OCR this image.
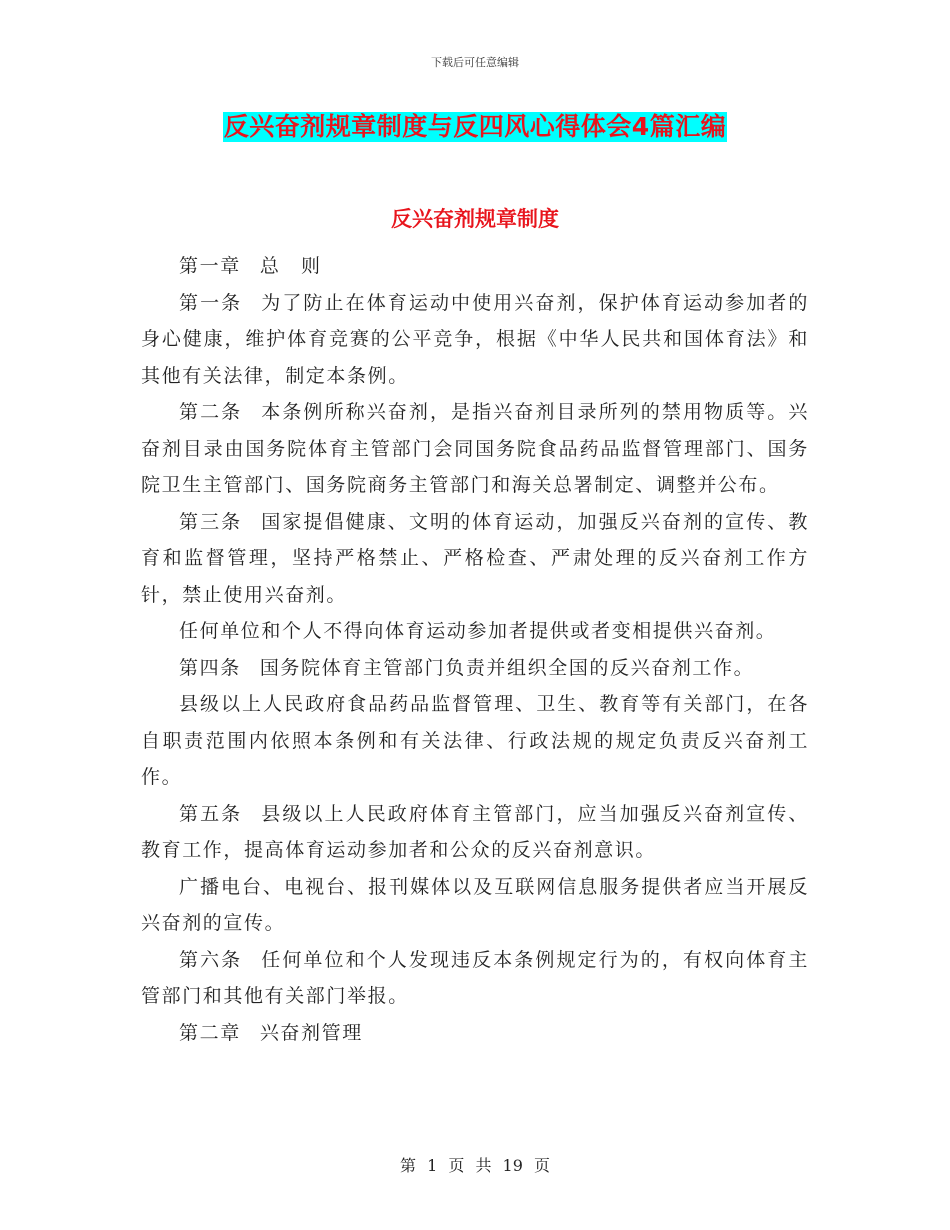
下载后可任意编辑
反兴奋剂规章制度与反四风心得体会4篇汇编
反兴奋剂规章制度

第一章 总　则

第一条 为了防止在体育运动中使用兴奋剂，保护体育运动参加者的身心健康，维护体育竞赛的公平竞争，根据《中华人民共和国体育法》和其他有关法律，制定本条例。

第二条 本条例所称兴奋剂，是指兴奋剂目录所列的禁用物质等。兴奋剂目录由国务院体育主管部门会同国务院食品药品监督管理部门、国务院卫生主管部门、国务院商务主管部门和海关总署制定、调整并公布。

第三条 国家提倡健康、文明的体育运动，加强反兴奋剂的宣传、教育和监督管理，坚持严格禁止、严格检查、严肃处理的反兴奋剂工作方针，禁止使用兴奋剂。

任何单位和个人不得向体育运动参加者提供或者变相提供兴奋剂。

第四条 国务院体育主管部门负责并组织全国的反兴奋剂工作。

县级以上人民政府食品药品监督管理、卫生、教育等有关部门，在各自职责范围内依照本条例和有关法律、行政法规的规定负责反兴奋剂工作。

第五条 县级以上人民政府体育主管部门，应当加强反兴奋剂宣传、教育工作，提高体育运动参加者和公众的反兴奋剂意识。

广播电台、电视台、报刊媒体以及互联网信息服务提供者应当开展反兴奋剂的宣传。

第六条 任何单位和个人发现违反本条例规定行为的，有权向体育主管部门和其他有关部门举报。

第二章 兴奋剂管理

第 1 页 共 19 页
